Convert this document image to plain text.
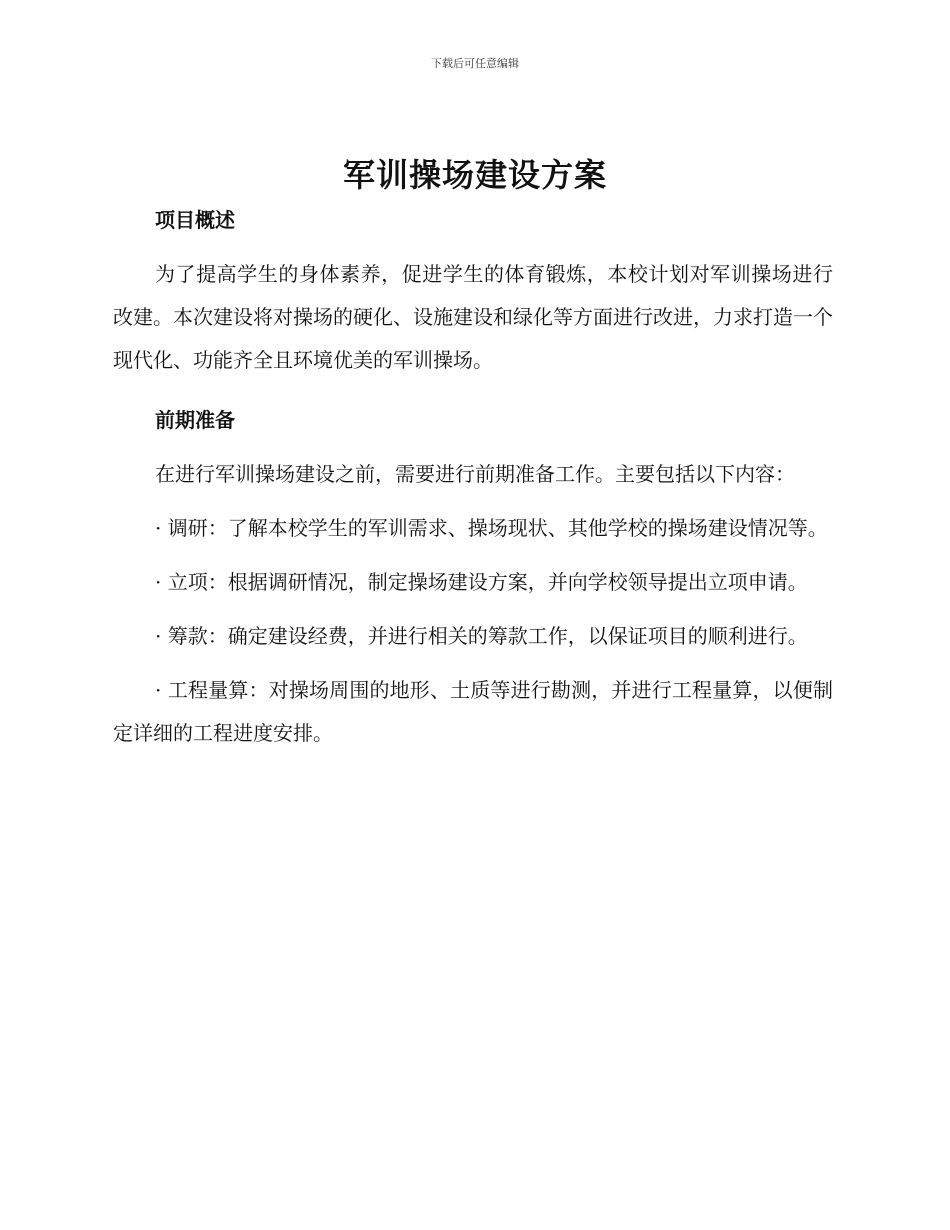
下载后可任意编辑
军训操场建设方案
项目概述

为了提高学生的身体素养，促进学生的体育锻炼，本校计划对军训操场进行改建。本次建设将对操场的硬化、设施建设和绿化等方面进行改进，力求打造一个现代化、功能齐全且环境优美的军训操场。

前期准备

在进行军训操场建设之前，需要进行前期准备工作。主要包括以下内容：

· 调研：了解本校学生的军训需求、操场现状、其他学校的操场建设情况等。

· 立项：根据调研情况，制定操场建设方案，并向学校领导提出立项申请。

· 筹款：确定建设经费，并进行相关的筹款工作，以保证项目的顺利进行。

· 工程量算：对操场周围的地形、土质等进行勘测，并进行工程量算，以便制定详细的工程进度安排。
